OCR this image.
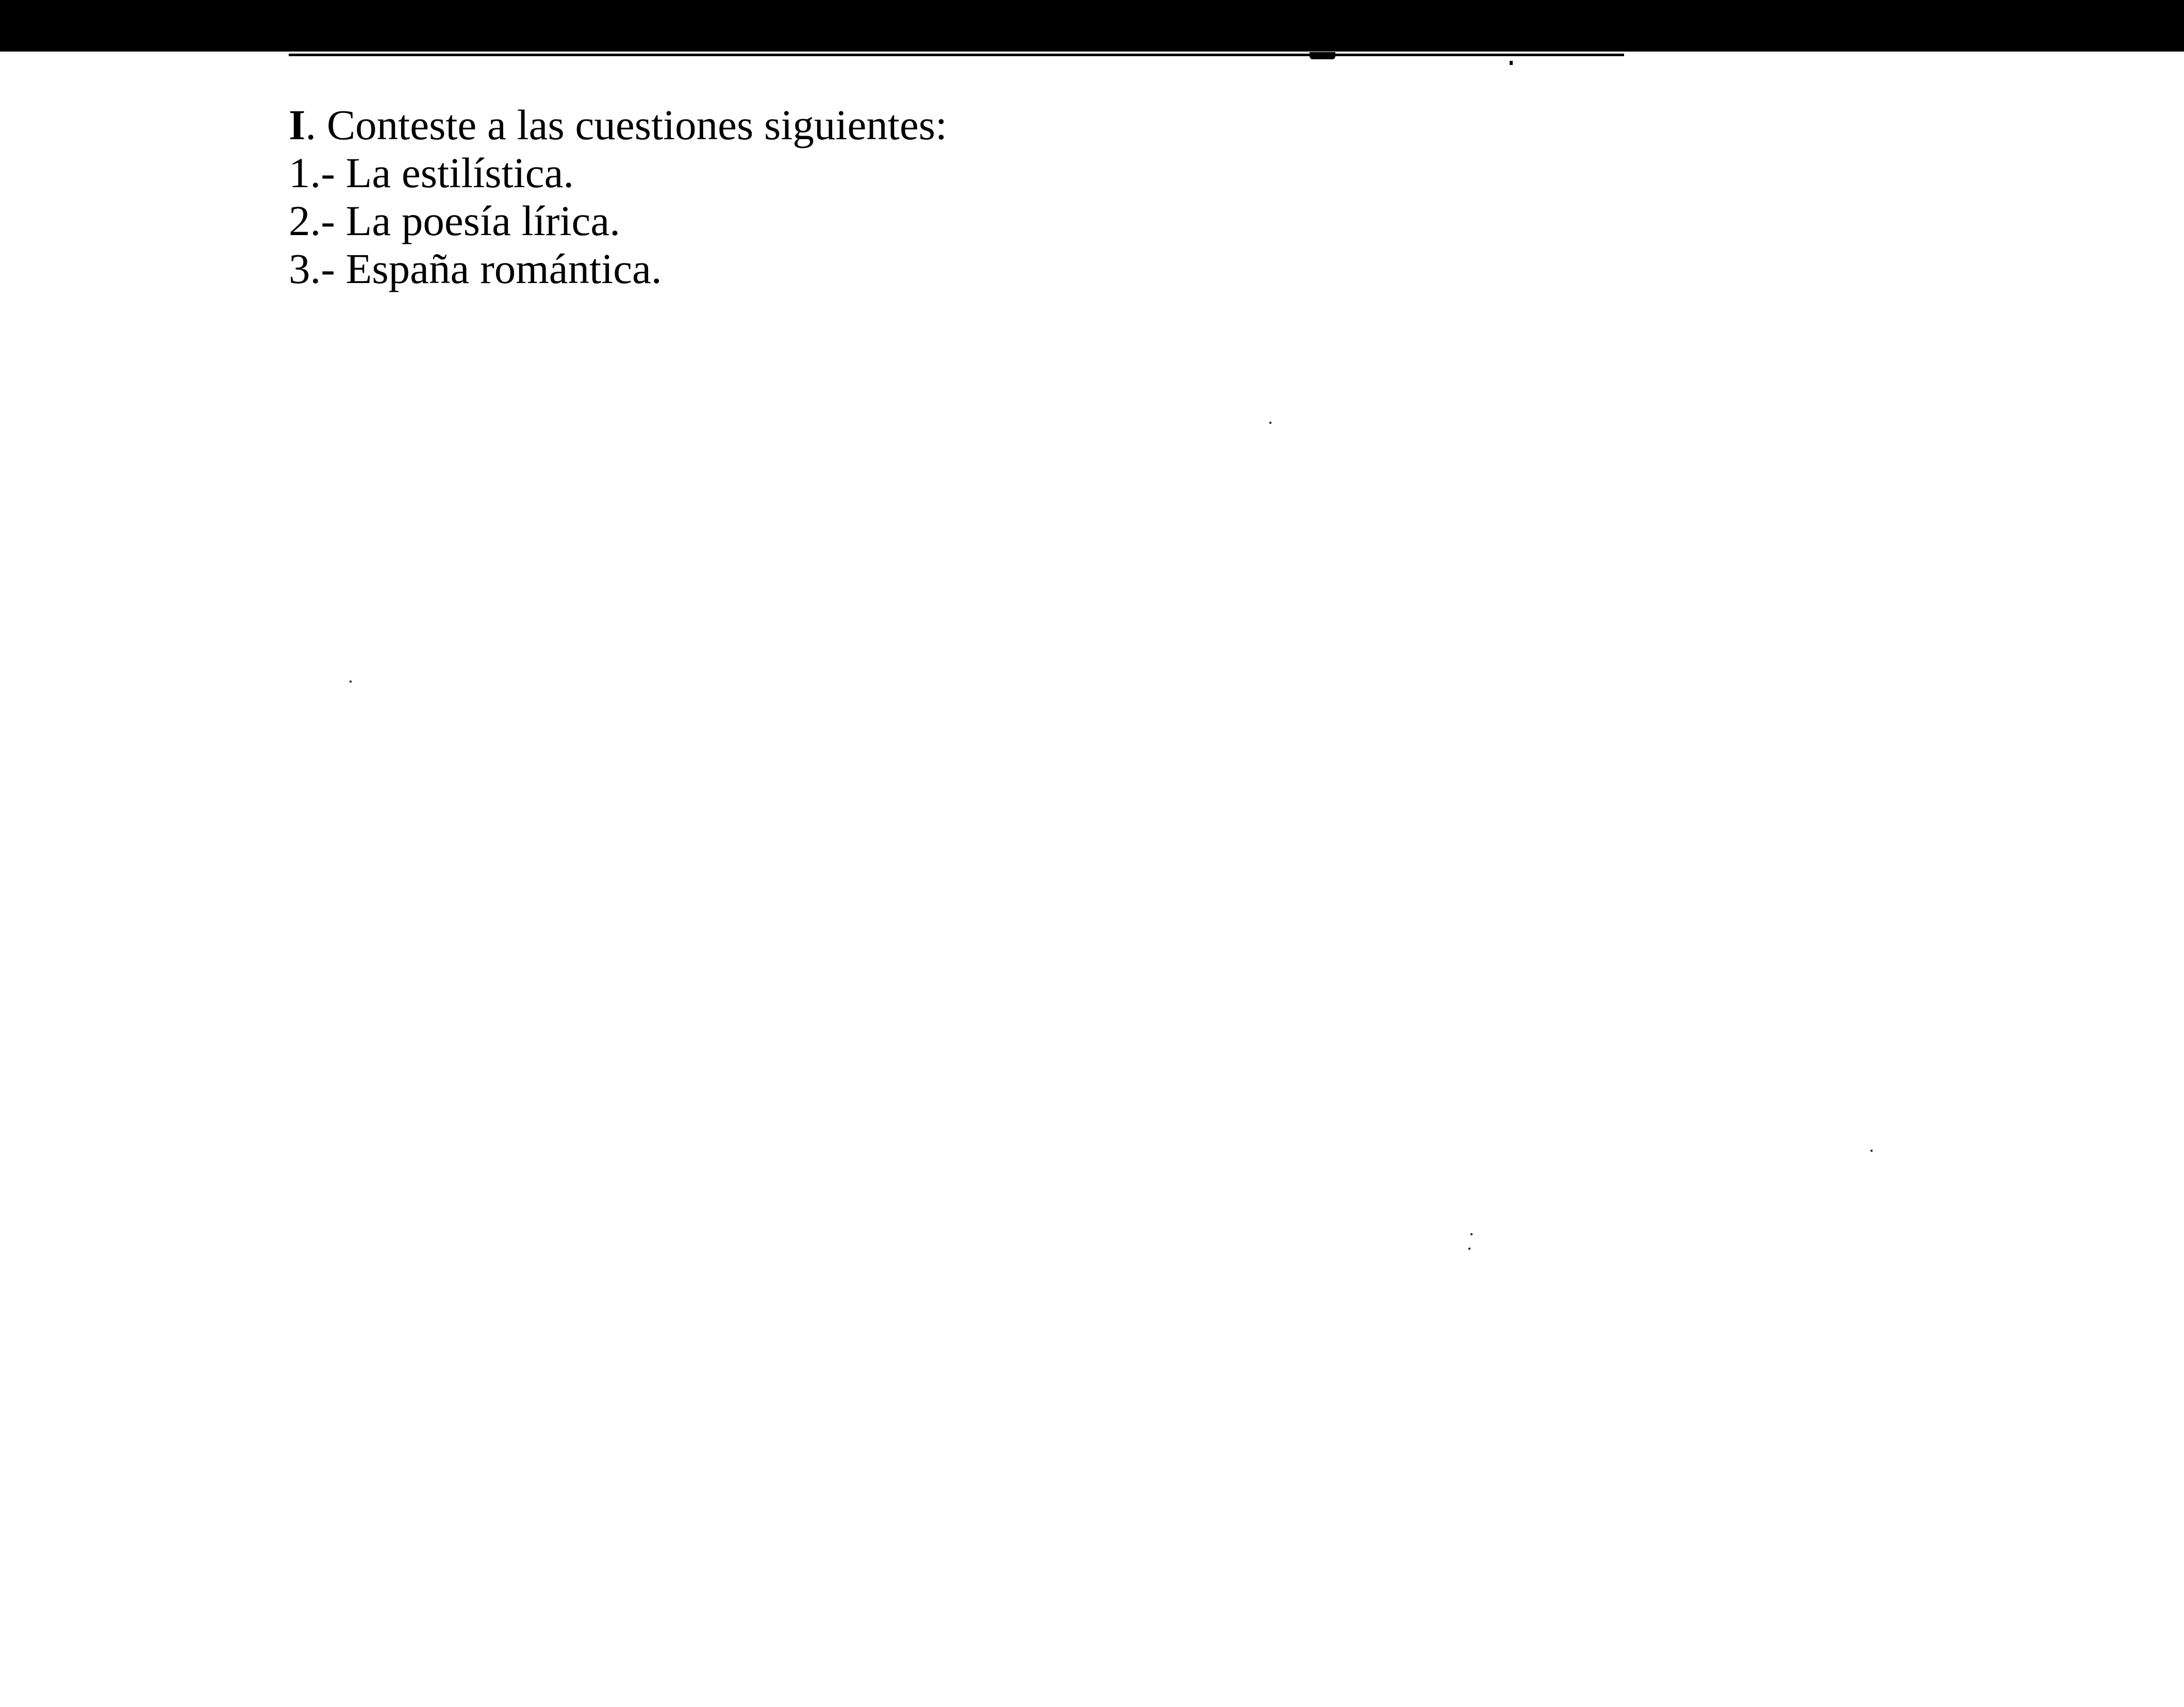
I. Conteste a las cuestiones siguientes:
1.- La estilística.
2.- La poesía lírica.
3.- España romántica.
